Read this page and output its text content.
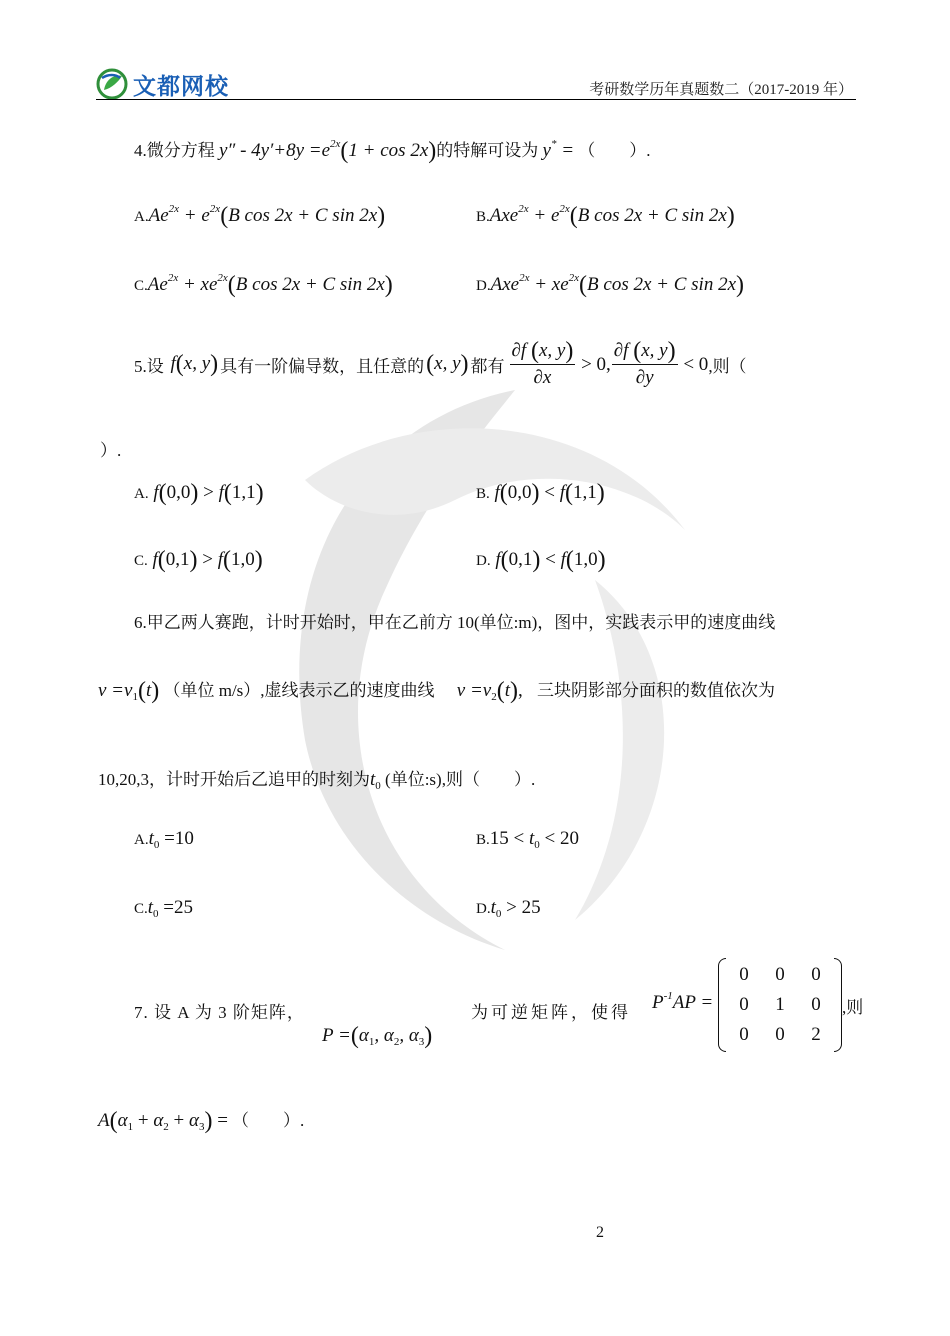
文都网校	考研数学历年真题数二（2017-2019 年）
4.微分方程 $y'' - 4y'+8y =e^{2x}(1 + \cos 2x)$的特解可设为 y* = （　　）.
$A.Ae^{2x} + e^{2x}(B$ cos 2x + C sin 2x)	$B.Axe^{2x} + e^{2x}(B$ cos 2x + C sin 2x)
$C.Ae^{2x} + xe^{2x}(B$ cos 2x + C sin 2x)	$D.Axe^{2x} + xe^{2x}(B$ cos 2x + C sin 2x)
5.设 f(x, y) 具有一阶偏导数，且任意的 (x, y) 都有 $\frac{\partial f (x, y)}{\partial x} > 0$, $\frac{\partial f (x, y)}{\partial y} < 0$ ,则（
）.
A. f(0,0) > f(1,1)	B. f(0,0) < f(1,1)
C. f(0,1) > f(1,0)	D. f(0,1) < f(1,0)
6.甲乙两人赛跑，计时开始时，甲在乙前方 10(单位:m)，图中，实践表示甲的速度曲线
$v =v_1(t)$ （单位 m/s）,虚线表示乙的速度曲线 $v =v_2(t)$, 三块阴影部分面积的数值依次为
10,20,3，计时开始后乙追甲的时刻为$t_0$ (单位:s),则（　　）.
$A.t_0 =10$	$B.15 < t_0 < 20$
$C.t_0 =25$	$D.t_0 > 25$
7. 设 A 为 3 阶矩阵，
$P =(\alpha_1$, $\alpha_2$, $\alpha_3$)
为可逆矩阵，使得 $P^{-1}AP$ =
0	0	0
0	1	0
0	0	2
,则
$A(\alpha_1 + \alpha_2 + \alpha_3)$ = （　　）.
2
